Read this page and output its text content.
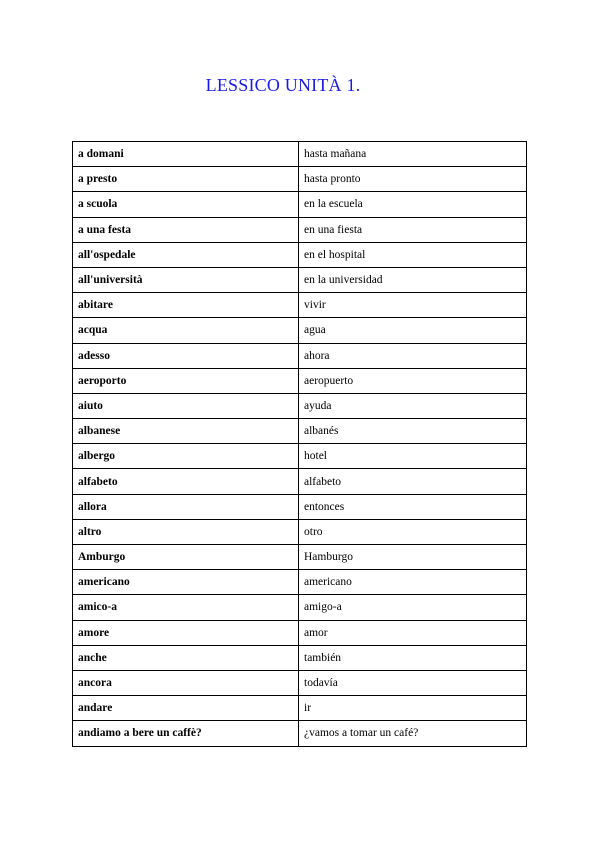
LESSICO UNITÀ 1.
a domani	hasta mañana
a presto	hasta pronto
a scuola	en la escuela
a una festa	en una fiesta
all'ospedale	en el hospital
all'università	en la universidad
abitare	vivir
acqua	agua
adesso	ahora
aeroporto	aeropuerto
aiuto	ayuda
albanese	albanés
albergo	hotel
alfabeto	alfabeto
allora	entonces
altro	otro
Amburgo	Hamburgo
americano	americano
amico-a	amigo-a
amore	amor
anche	también
ancora	todavía
andare	ir
andiamo a bere un caffè?	¿vamos a tomar un café?
